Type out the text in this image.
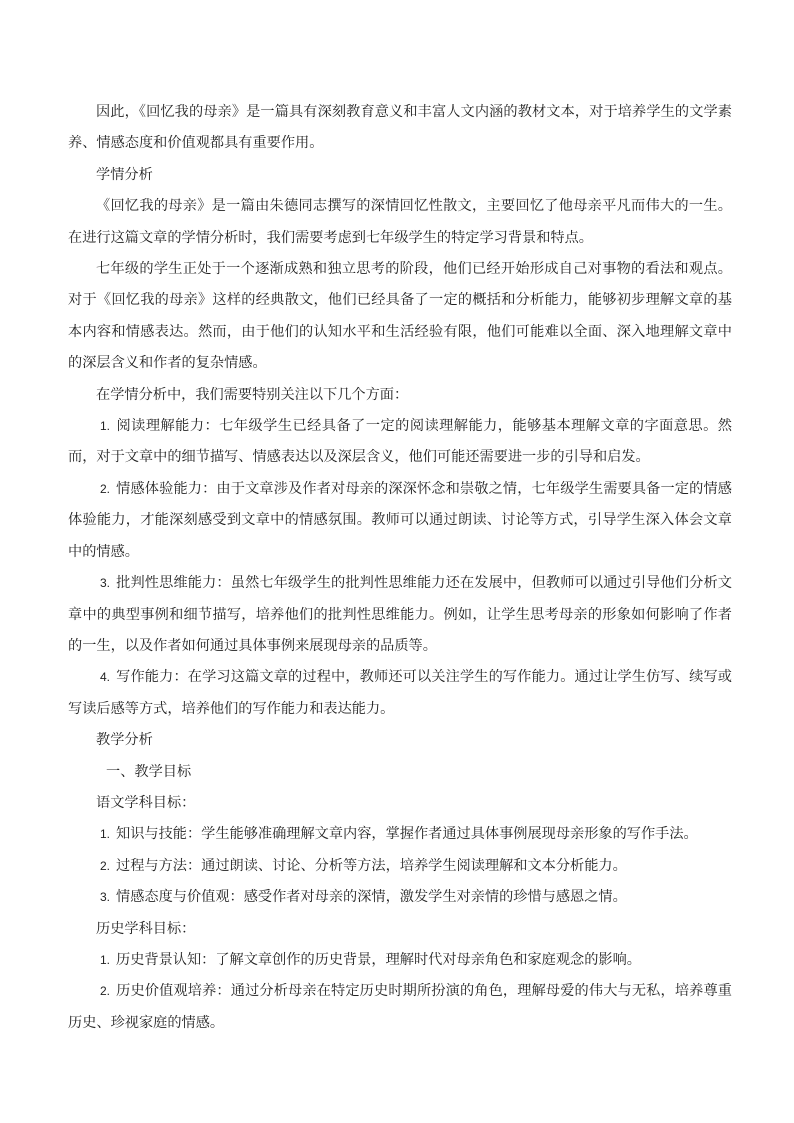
因此，《回忆我的母亲》是一篇具有深刻教育意义和丰富人文内涵的教材文本，对于培养学生的文学素养、情感态度和价值观都具有重要作用。

学情分析

《回忆我的母亲》是一篇由朱德同志撰写的深情回忆性散文，主要回忆了他母亲平凡而伟大的一生。在进行这篇文章的学情分析时，我们需要考虑到七年级学生的特定学习背景和特点。

七年级的学生正处于一个逐渐成熟和独立思考的阶段，他们已经开始形成自己对事物的看法和观点。对于《回忆我的母亲》这样的经典散文，他们已经具备了一定的概括和分析能力，能够初步理解文章的基本内容和情感表达。然而，由于他们的认知水平和生活经验有限，他们可能难以全面、深入地理解文章中的深层含义和作者的复杂情感。

在学情分析中，我们需要特别关注以下几个方面：

1. 阅读理解能力：七年级学生已经具备了一定的阅读理解能力，能够基本理解文章的字面意思。然而，对于文章中的细节描写、情感表达以及深层含义，他们可能还需要进一步的引导和启发。

2. 情感体验能力：由于文章涉及作者对母亲的深深怀念和崇敬之情，七年级学生需要具备一定的情感体验能力，才能深刻感受到文章中的情感氛围。教师可以通过朗读、讨论等方式，引导学生深入体会文章中的情感。

3. 批判性思维能力：虽然七年级学生的批判性思维能力还在发展中，但教师可以通过引导他们分析文章中的典型事例和细节描写，培养他们的批判性思维能力。例如，让学生思考母亲的形象如何影响了作者的一生，以及作者如何通过具体事例来展现母亲的品质等。

4. 写作能力：在学习这篇文章的过程中，教师还可以关注学生的写作能力。通过让学生仿写、续写或写读后感等方式，培养他们的写作能力和表达能力。

教学分析

一、教学目标

语文学科目标：

1. 知识与技能：学生能够准确理解文章内容，掌握作者通过具体事例展现母亲形象的写作手法。

2. 过程与方法：通过朗读、讨论、分析等方法，培养学生阅读理解和文本分析能力。

3. 情感态度与价值观：感受作者对母亲的深情，激发学生对亲情的珍惜与感恩之情。

历史学科目标：

1. 历史背景认知：了解文章创作的历史背景，理解时代对母亲角色和家庭观念的影响。

2. 历史价值观培养：通过分析母亲在特定历史时期所扮演的角色，理解母爱的伟大与无私，培养尊重历史、珍视家庭的情感。
